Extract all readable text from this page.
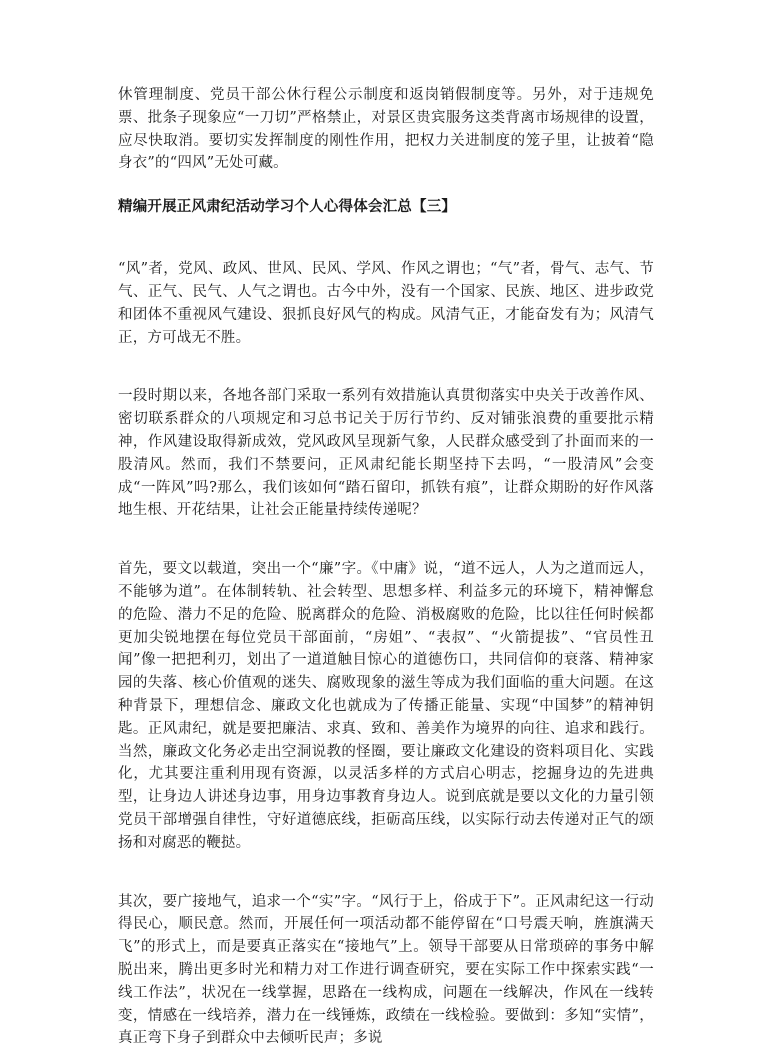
休管理制度、党员干部公休行程公示制度和返岗销假制度等。另外，对于违规免票、批条子现象应“一刀切”严格禁止，对景区贵宾服务这类背离市场规律的设置，应尽快取消。要切实发挥制度的刚性作用，把权力关进制度的笼子里，让披着“隐身衣”的“四风”无处可藏。

精编开展正风肃纪活动学习个人心得体会汇总【三】

“风”者，党风、政风、世风、民风、学风、作风之谓也；“气”者，骨气、志气、节气、正气、民气、人气之谓也。古今中外，没有一个国家、民族、地区、进步政党和团体不重视风气建设、狠抓良好风气的构成。风清气正，才能奋发有为；风清气正，方可战无不胜。

一段时期以来，各地各部门采取一系列有效措施认真贯彻落实中央关于改善作风、密切联系群众的八项规定和习总书记关于厉行节约、反对铺张浪费的重要批示精神，作风建设取得新成效，党风政风呈现新气象，人民群众感受到了扑面而来的一股清风。然而，我们不禁要问，正风肃纪能长期坚持下去吗，“一股清风”会变成“一阵风”吗?那么，我们该如何“踏石留印，抓铁有痕”，让群众期盼的好作风落地生根、开花结果，让社会正能量持续传递呢？

首先，要文以载道，突出一个“廉”字。《中庸》说，“道不远人，人为之道而远人，不能够为道”。在体制转轨、社会转型、思想多样、利益多元的环境下，精神懈怠的危险、潜力不足的危险、脱离群众的危险、消极腐败的危险，比以往任何时候都更加尖锐地摆在每位党员干部面前，“房姐”、“表叔”、“火箭提拔”、“官员性丑闻”像一把把利刃，划出了一道道触目惊心的道德伤口，共同信仰的衰落、精神家园的失落、核心价值观的迷失、腐败现象的滋生等成为我们面临的重大问题。在这种背景下，理想信念、廉政文化也就成为了传播正能量、实现“中国梦”的精神钥匙。正风肃纪，就是要把廉洁、求真、致和、善美作为境界的向往、追求和践行。当然，廉政文化务必走出空洞说教的怪圈，要让廉政文化建设的资料项目化、实践化，尤其要注重利用现有资源，以灵活多样的方式启心明志，挖掘身边的先进典型，让身边人讲述身边事，用身边事教育身边人。说到底就是要以文化的力量引领党员干部增强自律性，守好道德底线，拒砺高压线，以实际行动去传递对正气的颂扬和对腐恶的鞭挞。

其次，要广接地气，追求一个“实”字。“风行于上，俗成于下”。正风肃纪这一行动得民心，顺民意。然而，开展任何一项活动都不能停留在“口号震天响，旌旗满天飞”的形式上，而是要真正落实在“接地气”上。领导干部要从日常琐碎的事务中解脱出来，腾出更多时光和精力对工作进行调查研究，要在实际工作中探索实践“一线工作法”，状况在一线掌握，思路在一线构成，问题在一线解决，作风在一线转变，情感在一线培养，潜力在一线锤炼，政绩在一线检验。要做到：多知“实情”，真正弯下身子到群众中去倾听民声；多说
